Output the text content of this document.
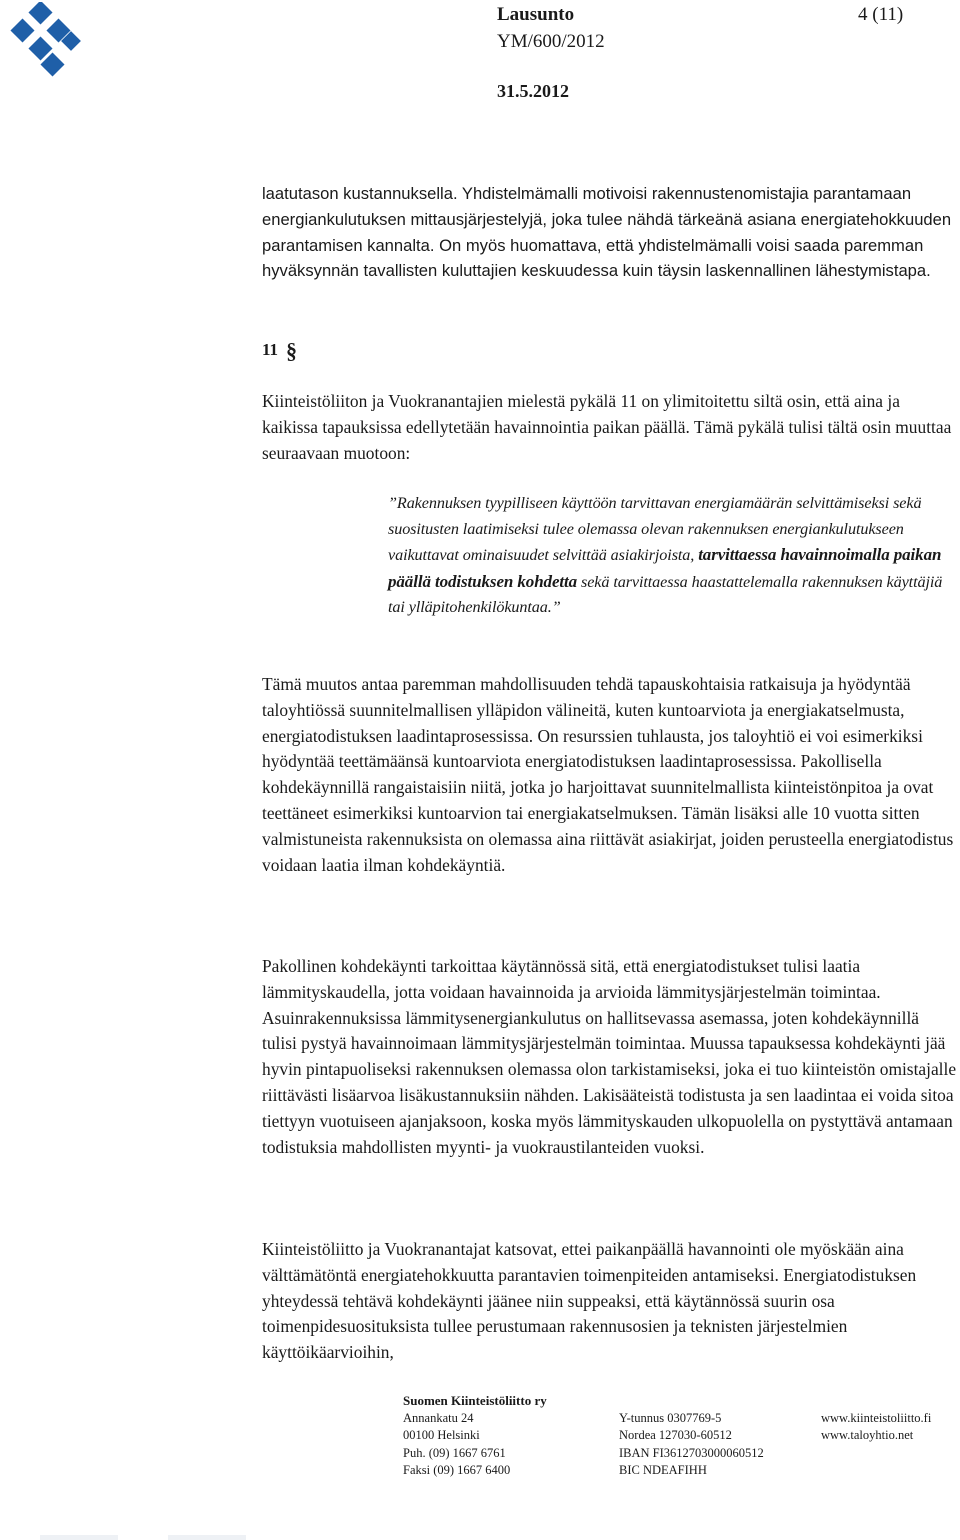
Lausunto	4 (11)
YM/600/2012
31.5.2012

laatutason kustannuksella. Yhdistelmämalli motivoisi rakennustenomistajia parantamaan energiankulutuksen mittausjärjestelyjä, joka tulee nähdä tärkeänä asiana energiatehokkuuden parantamisen kannalta. On myös huomattava, että yhdistelmämalli voisi saada paremman hyväksynnän tavallisten kuluttajien keskuudessa kuin täysin laskennallinen lähestymistapa.

11 §

Kiinteistöliiton ja Vuokranantajien mielestä pykälä 11 on ylimitoitettu siltä osin, että aina ja kaikissa tapauksissa edellytetään havainnointia paikan päällä. Tämä pykälä tulisi tältä osin muuttaa seuraavaan muotoon:

”Rakennuksen tyypilliseen käyttöön tarvittavan energiamäärän selvittämiseksi sekä suositusten laatimiseksi tulee olemassa olevan rakennuksen energiankulutukseen vaikuttavat ominaisuudet selvittää asiakirjoista, tarvittaessa havainnoimalla paikan päällä todistuksen kohdetta sekä tarvittaessa haastattelemalla rakennuksen käyttäjiä tai ylläpitohenkilökuntaa.”

Tämä muutos antaa paremman mahdollisuuden tehdä tapauskohtaisia ratkaisuja ja hyödyntää taloyhtiössä suunnitelmallisen ylläpidon välineitä, kuten kuntoarviota ja energiakatselmusta, energiatodistuksen laadintaprosessissa. On resurssien tuhlausta, jos taloyhtiö ei voi esimerkiksi hyödyntää teettämäänsä kuntoarviota energiatodistuksen laadintaprosessissa. Pakollisella kohdekäynnillä rangaistaisiin niitä, jotka jo harjoittavat suunnitelmallista kiinteistönpitoa ja ovat teettäneet esimerkiksi kuntoarvion tai energiakatselmuksen. Tämän lisäksi alle 10 vuotta sitten valmistuneista rakennuksista on olemassa aina riittävät asiakirjat, joiden perusteella energiatodistus voidaan laatia ilman kohdekäyntiä.

Pakollinen kohdekäynti tarkoittaa käytännössä sitä, että energiatodistukset tulisi laatia lämmityskaudella, jotta voidaan havainnoida ja arvioida lämmitysjärjestelmän toimintaa. Asuinrakennuksissa lämmitysenergiankulutus on hallitsevassa asemassa, joten kohdekäynnillä tulisi pystyä havainnoimaan lämmitysjärjestelmän toimintaa. Muussa tapauksessa kohdekäynti jää hyvin pintapuoliseksi rakennuksen olemassa olon tarkistamiseksi, joka ei tuo kiinteistön omistajalle riittävästi lisäarvoa lisäkustannuksiin nähden. Lakisääteistä todistusta ja sen laadintaa ei voida sitoa tiettyyn vuotuiseen ajanjaksoon, koska myös lämmityskauden ulkopuolella on pystyttävä antamaan todistuksia mahdollisten myynti- ja vuokraustilanteiden vuoksi.

Kiinteistöliitto ja Vuokranantajat katsovat, ettei paikanpäällä havannointi ole myöskään aina välttämätöntä energiatehokkuutta parantavien toimenpiteiden antamiseksi. Energiatodistuksen yhteydessä tehtävä kohdekäynti jäänee niin suppeaksi, että käytännössä suurin osa toimenpidesuosituksista tullee perustumaan rakennusosien ja teknisten järjestelmien käyttöikäarvioihin,

Suomen Kiinteistöliitto ry
Annankatu 24
00100 Helsinki
Puh. (09) 1667 6761
Faksi (09) 1667 6400
Y-tunnus 0307769-5
Nordea 127030-60512
IBAN FI3612703000060512
BIC NDEAFIHH
www.kiinteistoliitto.fi
www.taloyhtio.net
